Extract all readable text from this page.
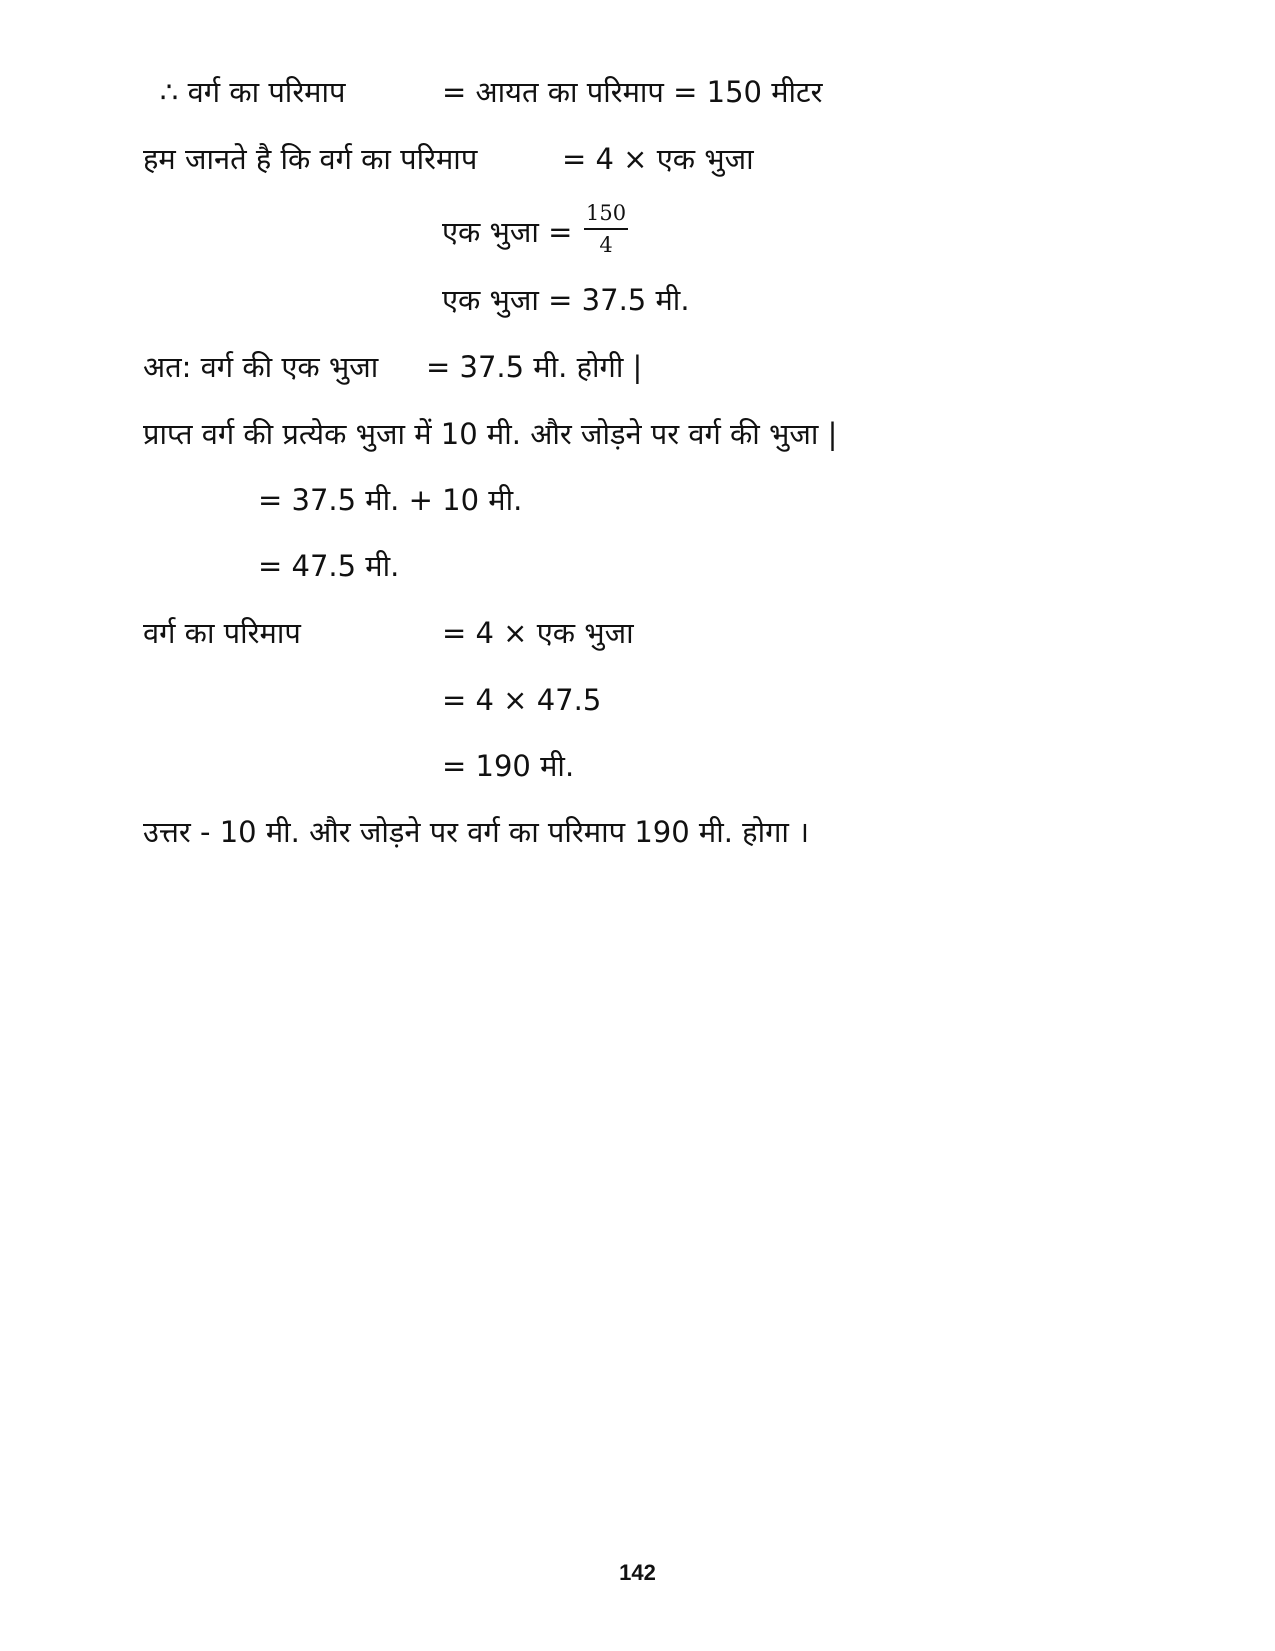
∴ वर्ग का परिमाप	= आयत का परिमाप = 150 मीटर
हम जानते है कि वर्ग का परिमाप	= 4 × एक भुजा
एक भुजा =
150
4
एक भुजा = 37.5 मी.
अत: वर्ग की एक भुजा = 37.5 मी. होगी |
प्राप्त वर्ग की प्रत्येक भुजा में 10 मी. और जोड़ने पर वर्ग की भुजा |
= 37.5 मी. + 10 मी.
= 47.5 मी.
वर्ग का परिमाप	= 4 × एक भुजा
= 4 × 47.5
= 190 मी.
उत्तर - 10 मी. और जोड़ने पर वर्ग का परिमाप 190 मी. होगा ।
142
